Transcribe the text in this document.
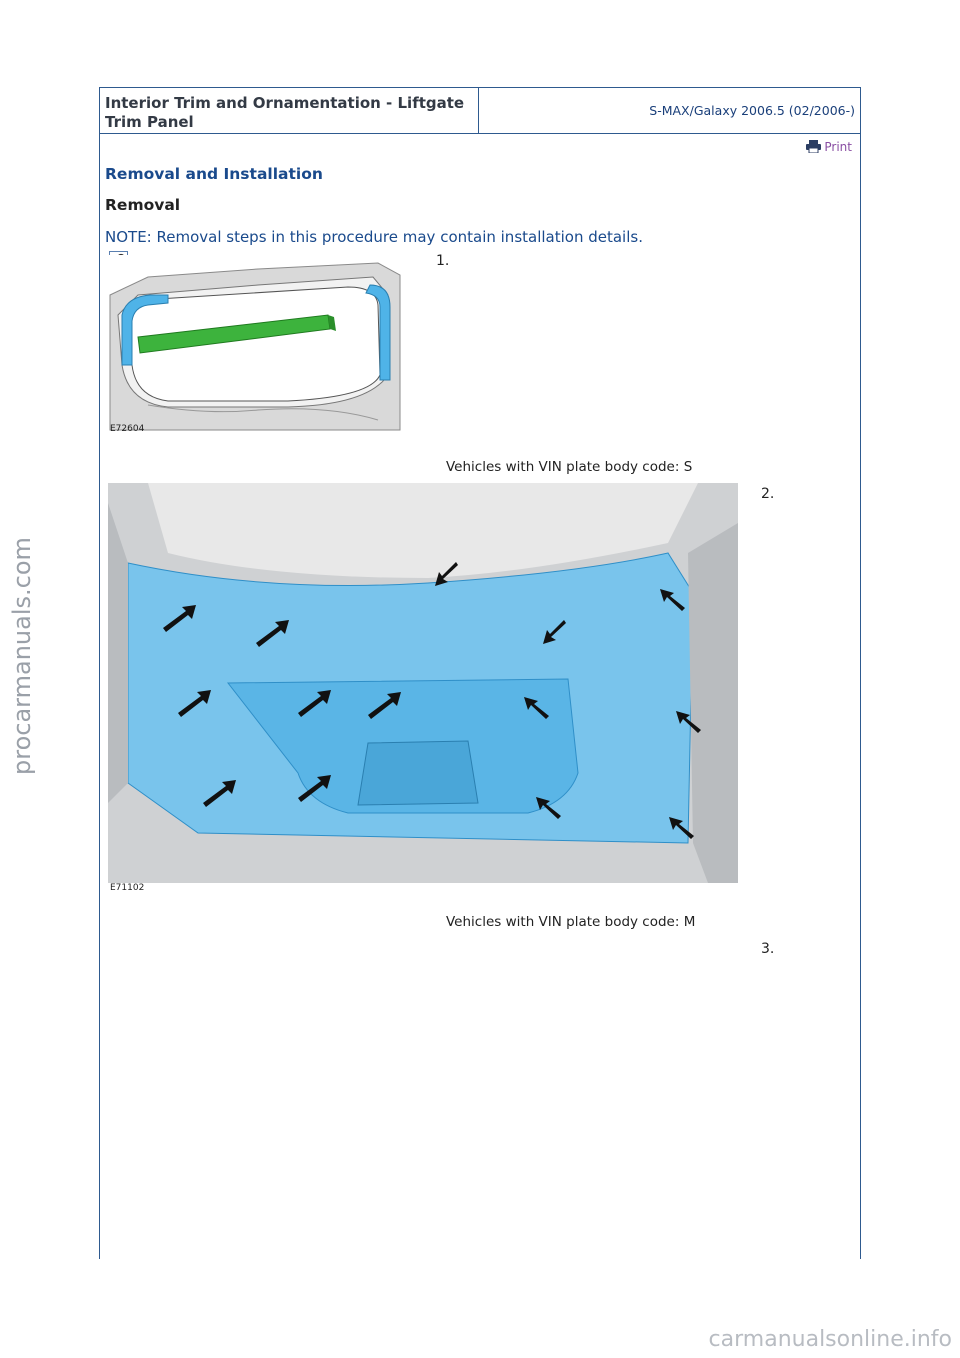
Interior Trim and Ornamentation - Liftgate Trim Panel
S-MAX/Galaxy 2006.5 (02/2006-)
Print
Removal and Installation
Removal
NOTE: Removal steps in this procedure may contain installation details.
E72604
1.
Vehicles with VIN plate body code: S
2.
E71102
Vehicles with VIN plate body code: M
3.
procarmanuals.com
carmanualsonline.info
